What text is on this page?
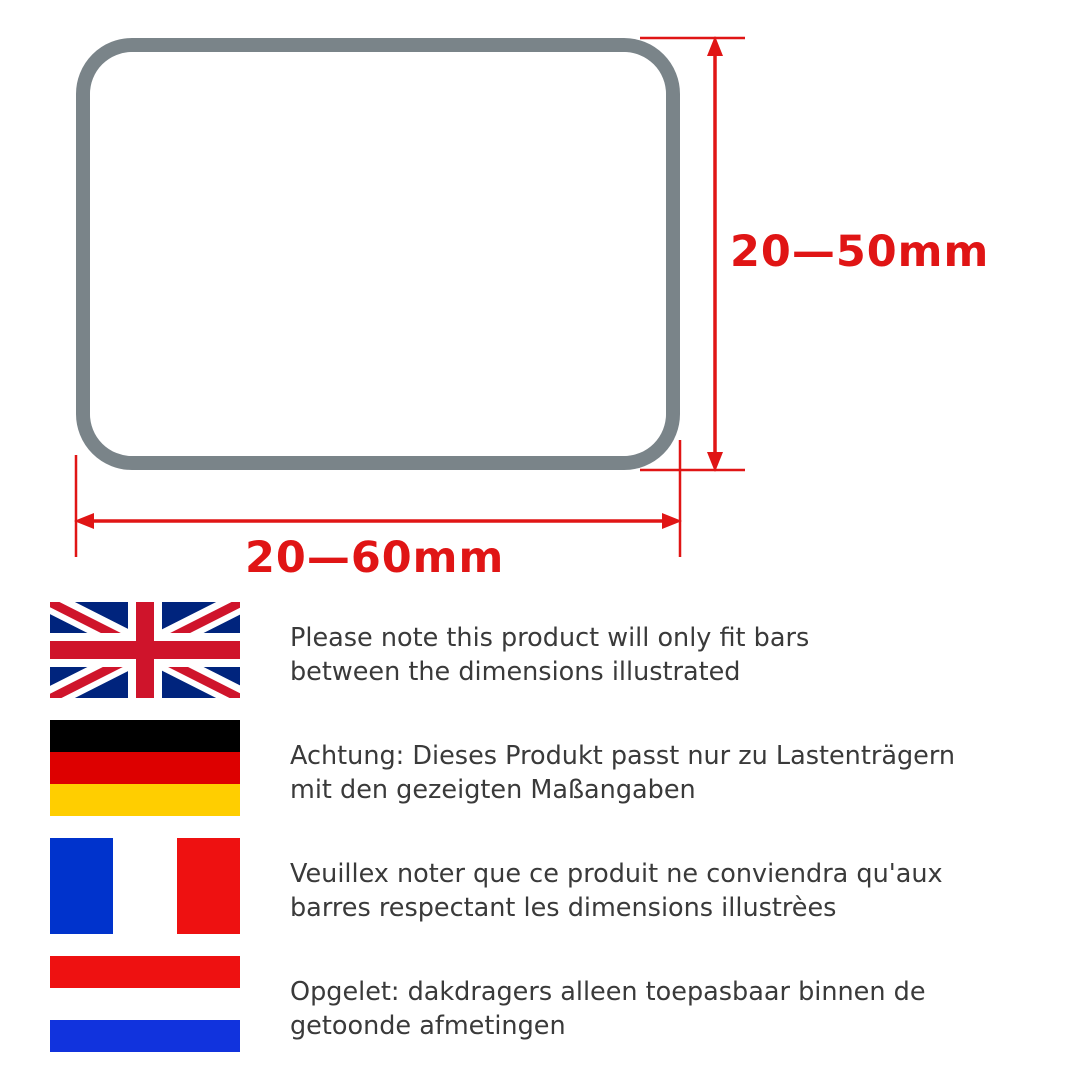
20—50mm
20—60mm
Please note this product will only fit bars
between the dimensions illustrated
Achtung: Dieses Produkt passt nur zu Lastenträgern
mit den gezeigten Maßangaben
Veuillex noter que ce produit ne conviendra qu'aux
barres respectant les dimensions illustrèes
Opgelet: dakdragers alleen toepasbaar binnen de
getoonde afmetingen
